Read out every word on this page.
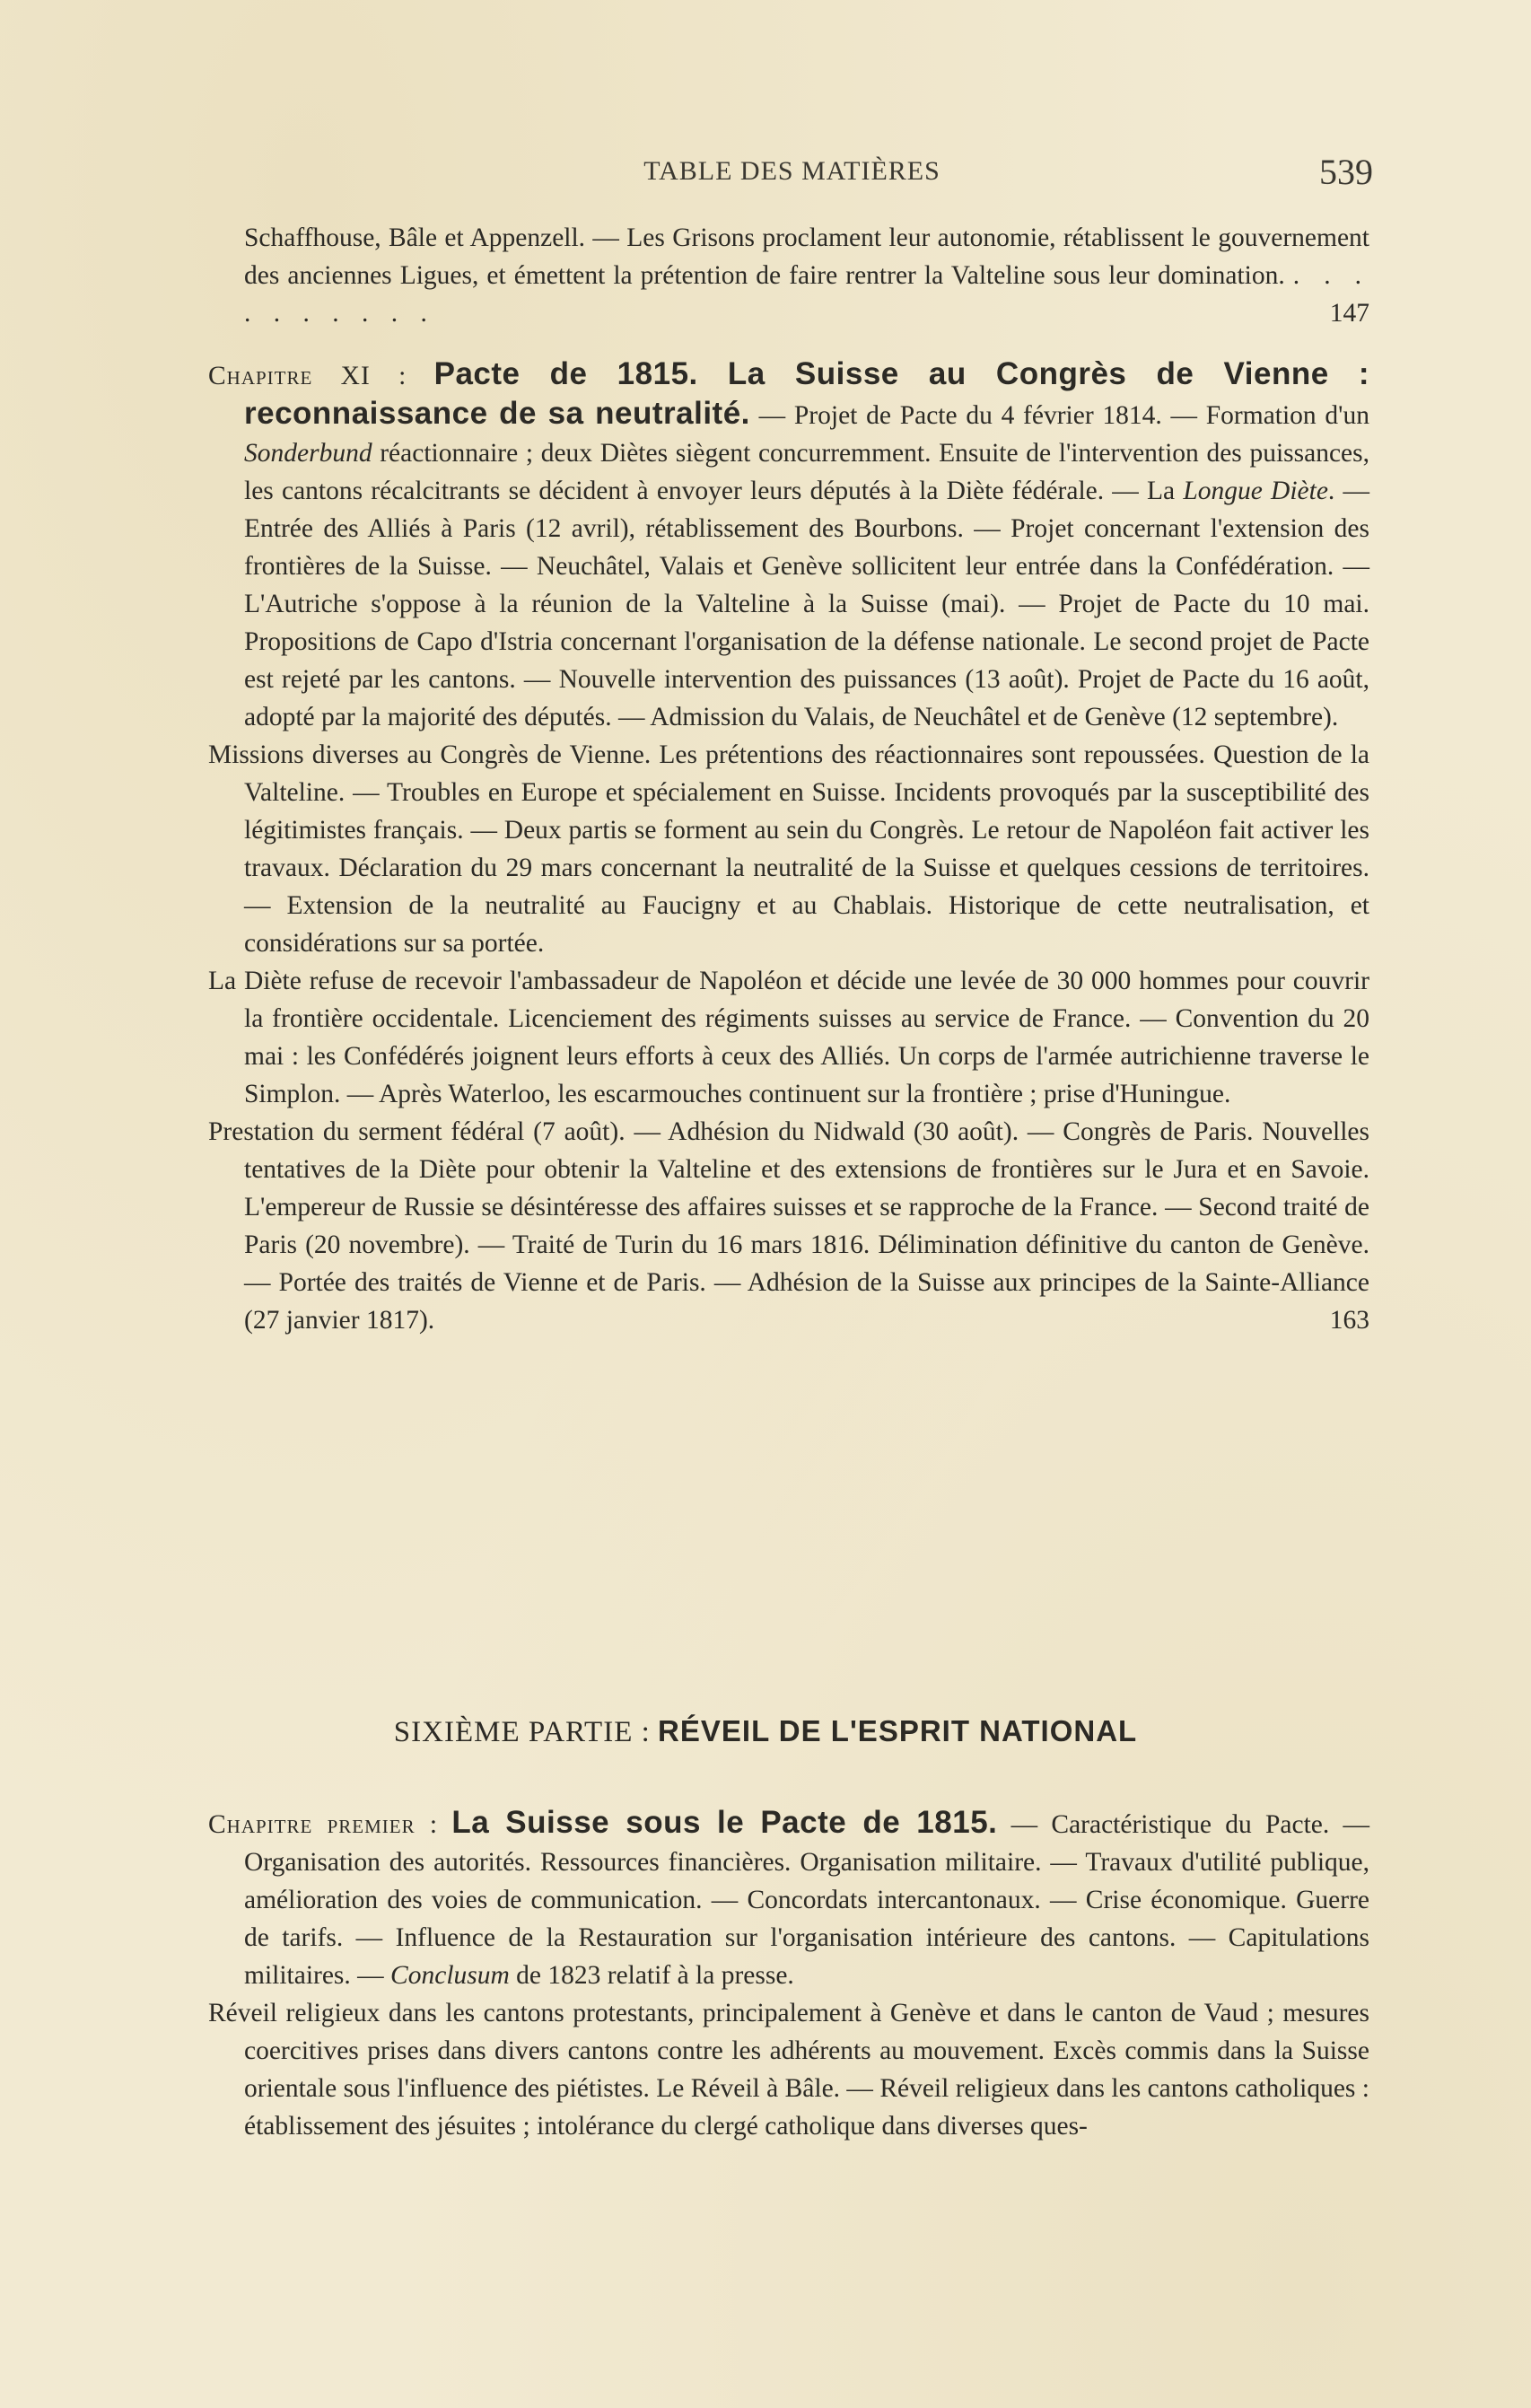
TABLE DES MATIÈRES	539

Schaffhouse, Bâle et Appenzell. — Les Grisons proclament leur autonomie, rétablissent le gouvernement des anciennes Ligues, et émettent la prétention de faire rentrer la Valteline sous leur domination. . . . . . . . . . .	147

Chapitre XI : Pacte de 1815. La Suisse au Congrès de Vienne : reconnaissance de sa neutralité. — Projet de Pacte du 4 février 1814. — Formation d'un Sonderbund réactionnaire ; deux Diètes siègent concurremment. Ensuite de l'intervention des puissances, les cantons récalcitrants se décident à envoyer leurs députés à la Diète fédérale. — La Longue Diète. — Entrée des Alliés à Paris (12 avril), rétablissement des Bourbons. — Projet concernant l'extension des frontières de la Suisse. — Neuchâtel, Valais et Genève sollicitent leur entrée dans la Confédération. — L'Autriche s'oppose à la réunion de la Valteline à la Suisse (mai). — Projet de Pacte du 10 mai. Propositions de Capo d'Istria concernant l'organisation de la défense nationale. Le second projet de Pacte est rejeté par les cantons. — Nouvelle intervention des puissances (13 août). Projet de Pacte du 16 août, adopté par la majorité des députés. — Admission du Valais, de Neuchâtel et de Genève (12 septembre).

Missions diverses au Congrès de Vienne. Les prétentions des réactionnaires sont repoussées. Question de la Valteline. — Troubles en Europe et spécialement en Suisse. Incidents provoqués par la susceptibilité des légitimistes français. — Deux partis se forment au sein du Congrès. Le retour de Napoléon fait activer les travaux. Déclaration du 29 mars concernant la neutralité de la Suisse et quelques cessions de territoires. — Extension de la neutralité au Faucigny et au Chablais. Historique de cette neutralisation, et considérations sur sa portée.

La Diète refuse de recevoir l'ambassadeur de Napoléon et décide une levée de 30 000 hommes pour couvrir la frontière occidentale. Licenciement des régiments suisses au service de France. — Convention du 20 mai : les Confédérés joignent leurs efforts à ceux des Alliés. Un corps de l'armée autrichienne traverse le Simplon. — Après Waterloo, les escarmouches continuent sur la frontière ; prise d'Huningue.

Prestation du serment fédéral (7 août). — Adhésion du Nidwald (30 août). — Congrès de Paris. Nouvelles tentatives de la Diète pour obtenir la Valteline et des extensions de frontières sur le Jura et en Savoie. L'empereur de Russie se désintéresse des affaires suisses et se rapproche de la France. — Second traité de Paris (20 novembre). — Traité de Turin du 16 mars 1816. Délimination définitive du canton de Genève. — Portée des traités de Vienne et de Paris. — Adhésion de la Suisse aux principes de la Sainte-Alliance (27 janvier 1817).	163

SIXIÈME PARTIE : RÉVEIL DE L'ESPRIT NATIONAL

Chapitre premier : La Suisse sous le Pacte de 1815. — Caractéristique du Pacte. — Organisation des autorités. Ressources financières. Organisation militaire. — Travaux d'utilité publique, amélioration des voies de communication. — Concordats intercantonaux. — Crise économique. Guerre de tarifs. — Influence de la Restauration sur l'organisation intérieure des cantons. — Capitulations militaires. — Conclusum de 1823 relatif à la presse.

Réveil religieux dans les cantons protestants, principalement à Genève et dans le canton de Vaud ; mesures coercitives prises dans divers cantons contre les adhérents au mouvement. Excès commis dans la Suisse orientale sous l'influence des piétistes. Le Réveil à Bâle. — Réveil religieux dans les cantons catholiques : établissement des jésuites ; intolérance du clergé catholique dans diverses ques-
